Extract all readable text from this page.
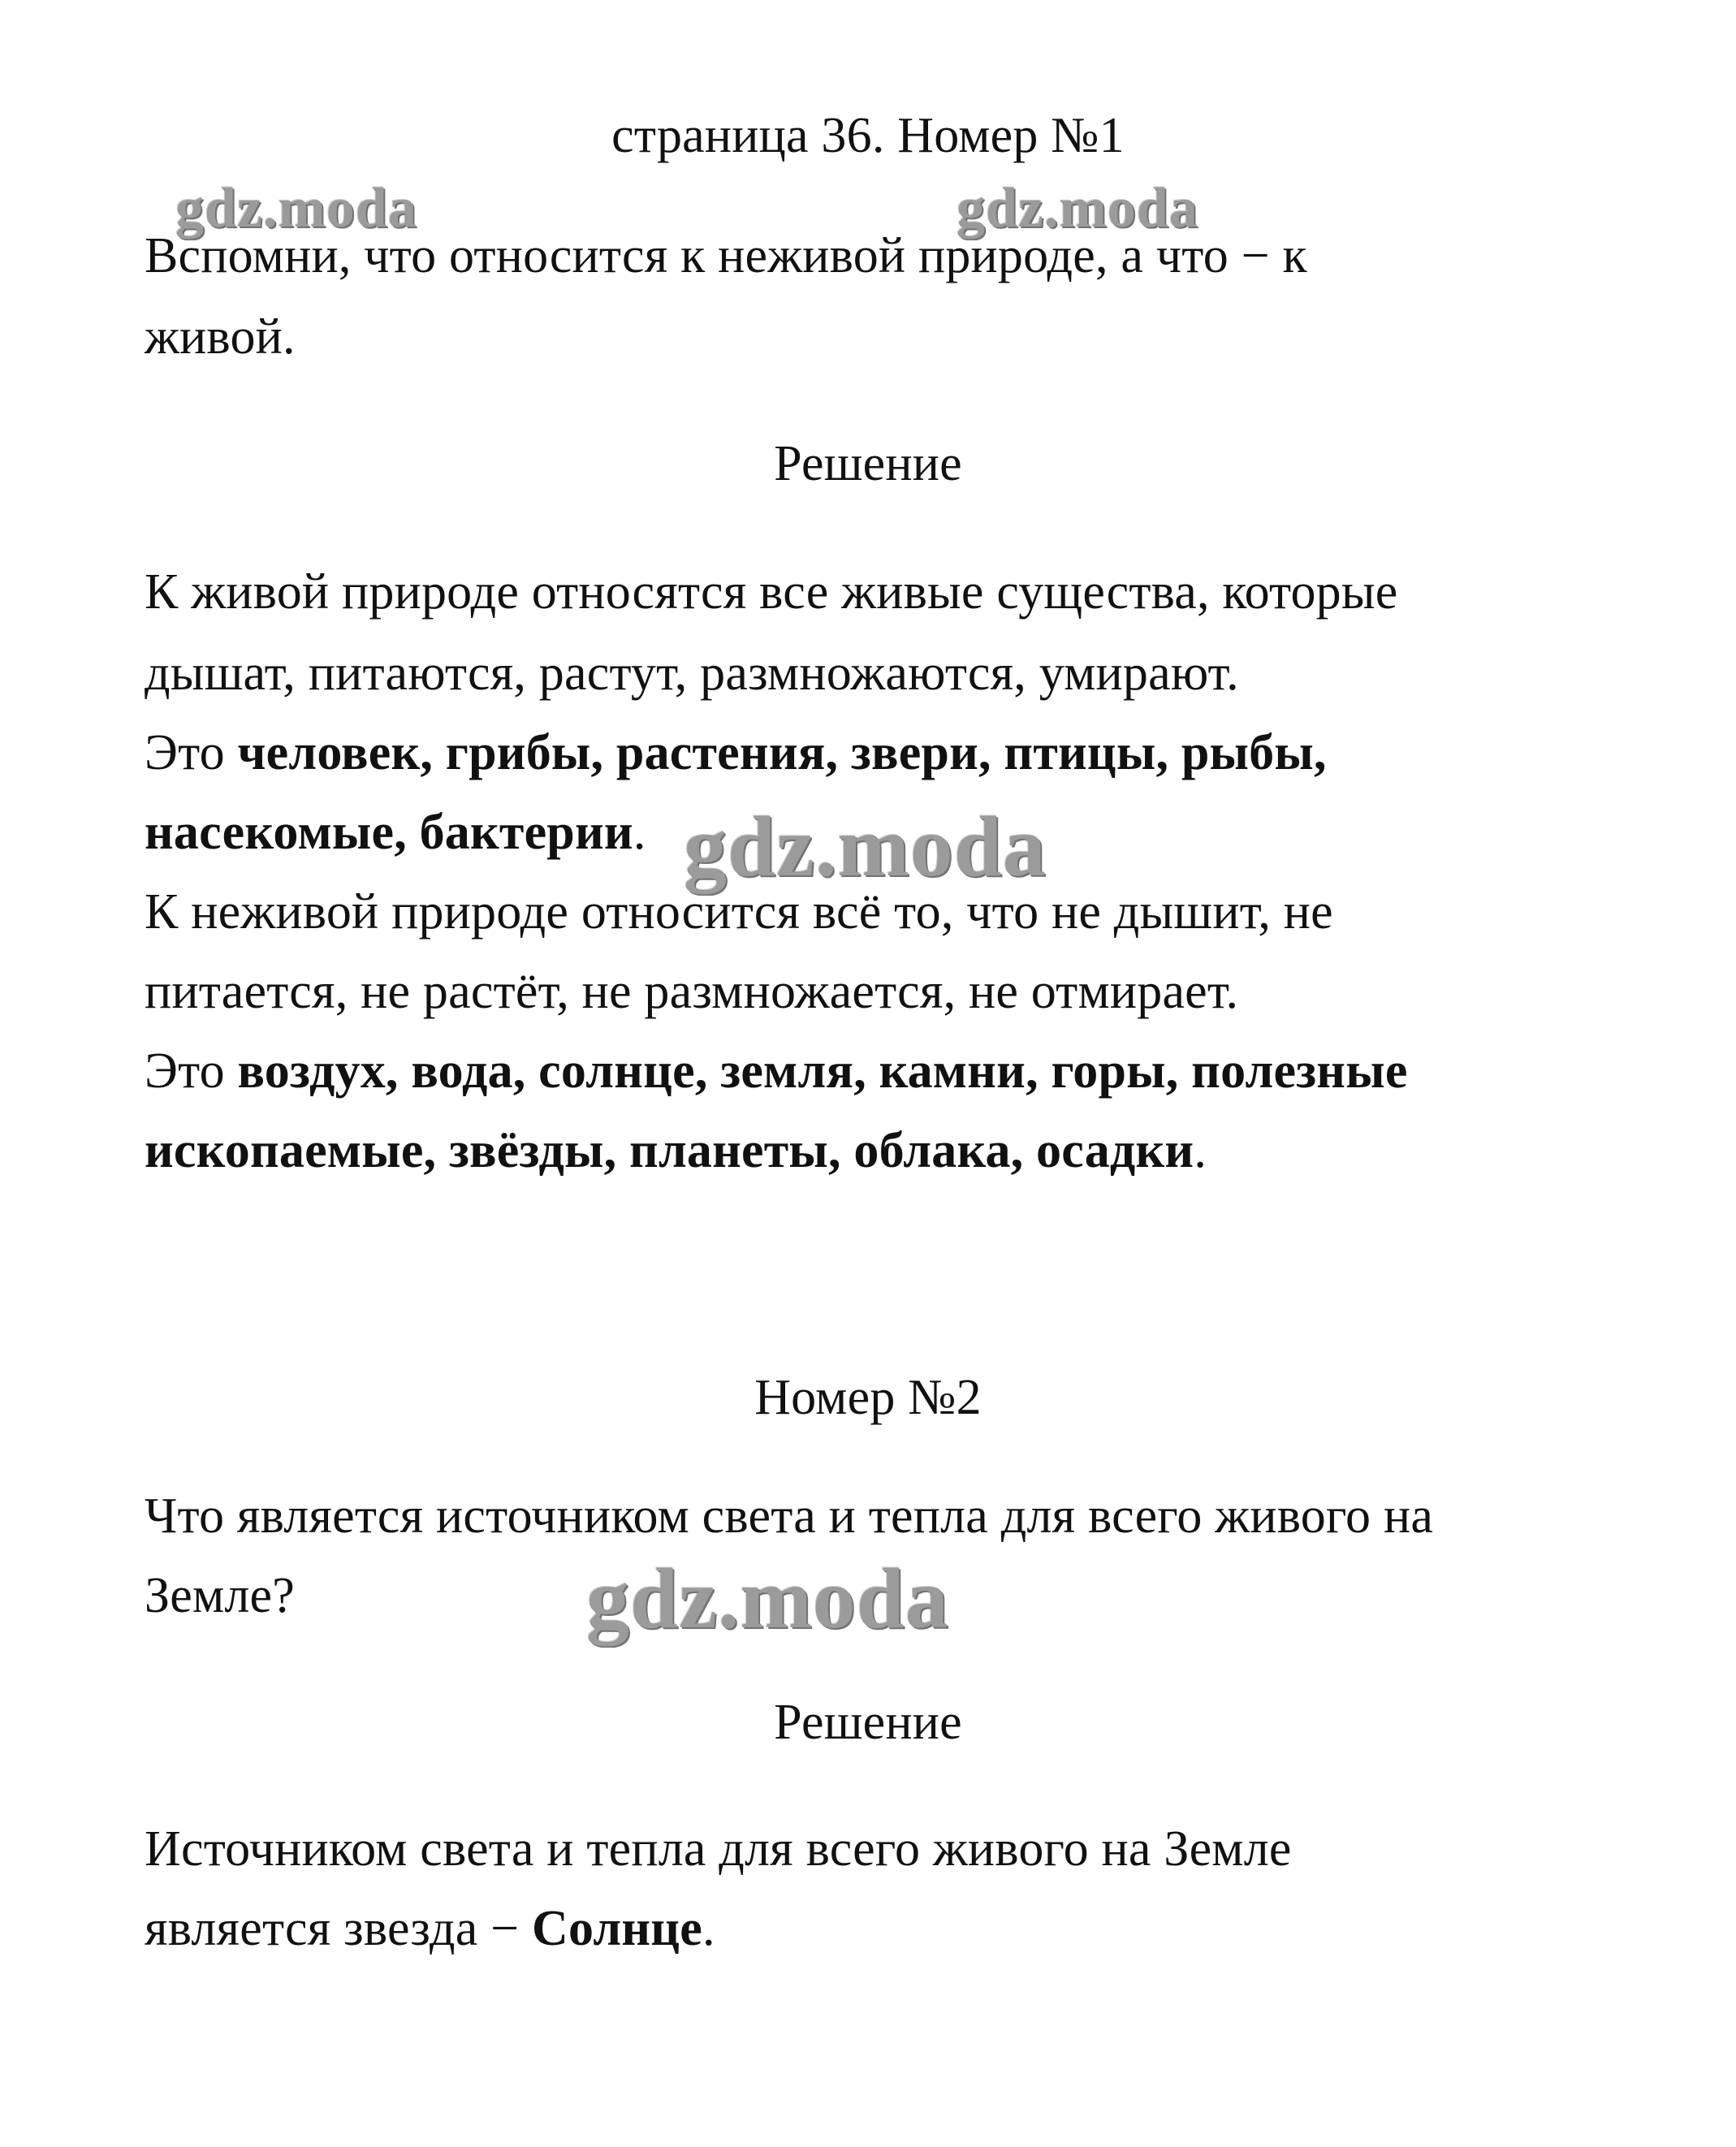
страница 36. Номер №1
gdz.moda	gdz.moda
Вспомни, что относится к неживой природе, а что − к
живой.
Решение
К живой природе относятся все живые существа, которые
дышат, питаются, растут, размножаются, умирают.
Это человек, грибы, растения, звери, птицы, рыбы,
насекомые, бактерии. gdz.moda
К неживой природе относится всё то, что не дышит, не
питается, не растёт, не размножается, не отмирает.
Это воздух, вода, солнце, земля, камни, горы, полезные
ископаемые, звёзды, планеты, облака, осадки.
Номер №2
Что является источником света и тепла для всего живого на
Земле?	gdz.moda
Решение
Источником света и тепла для всего живого на Земле
является звезда − Солнце.
